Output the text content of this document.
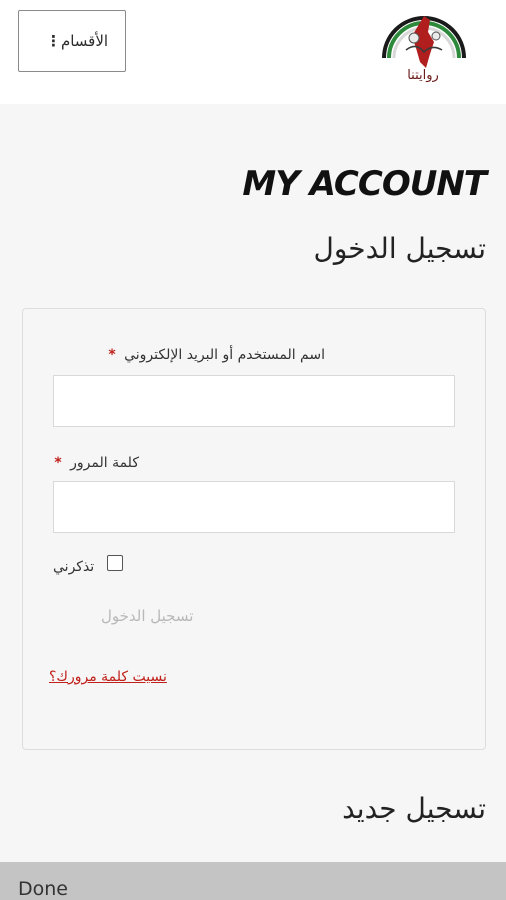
الأقسام
⋮
روايتنا
MY ACCOUNT
تسجيل الدخول
اسم المستخدم أو البريد الإلكتروني *
كلمة المرور *
تذكرني
تسجيل الدخول
نسيت كلمة مرورك؟
تسجيل جديد
Done
